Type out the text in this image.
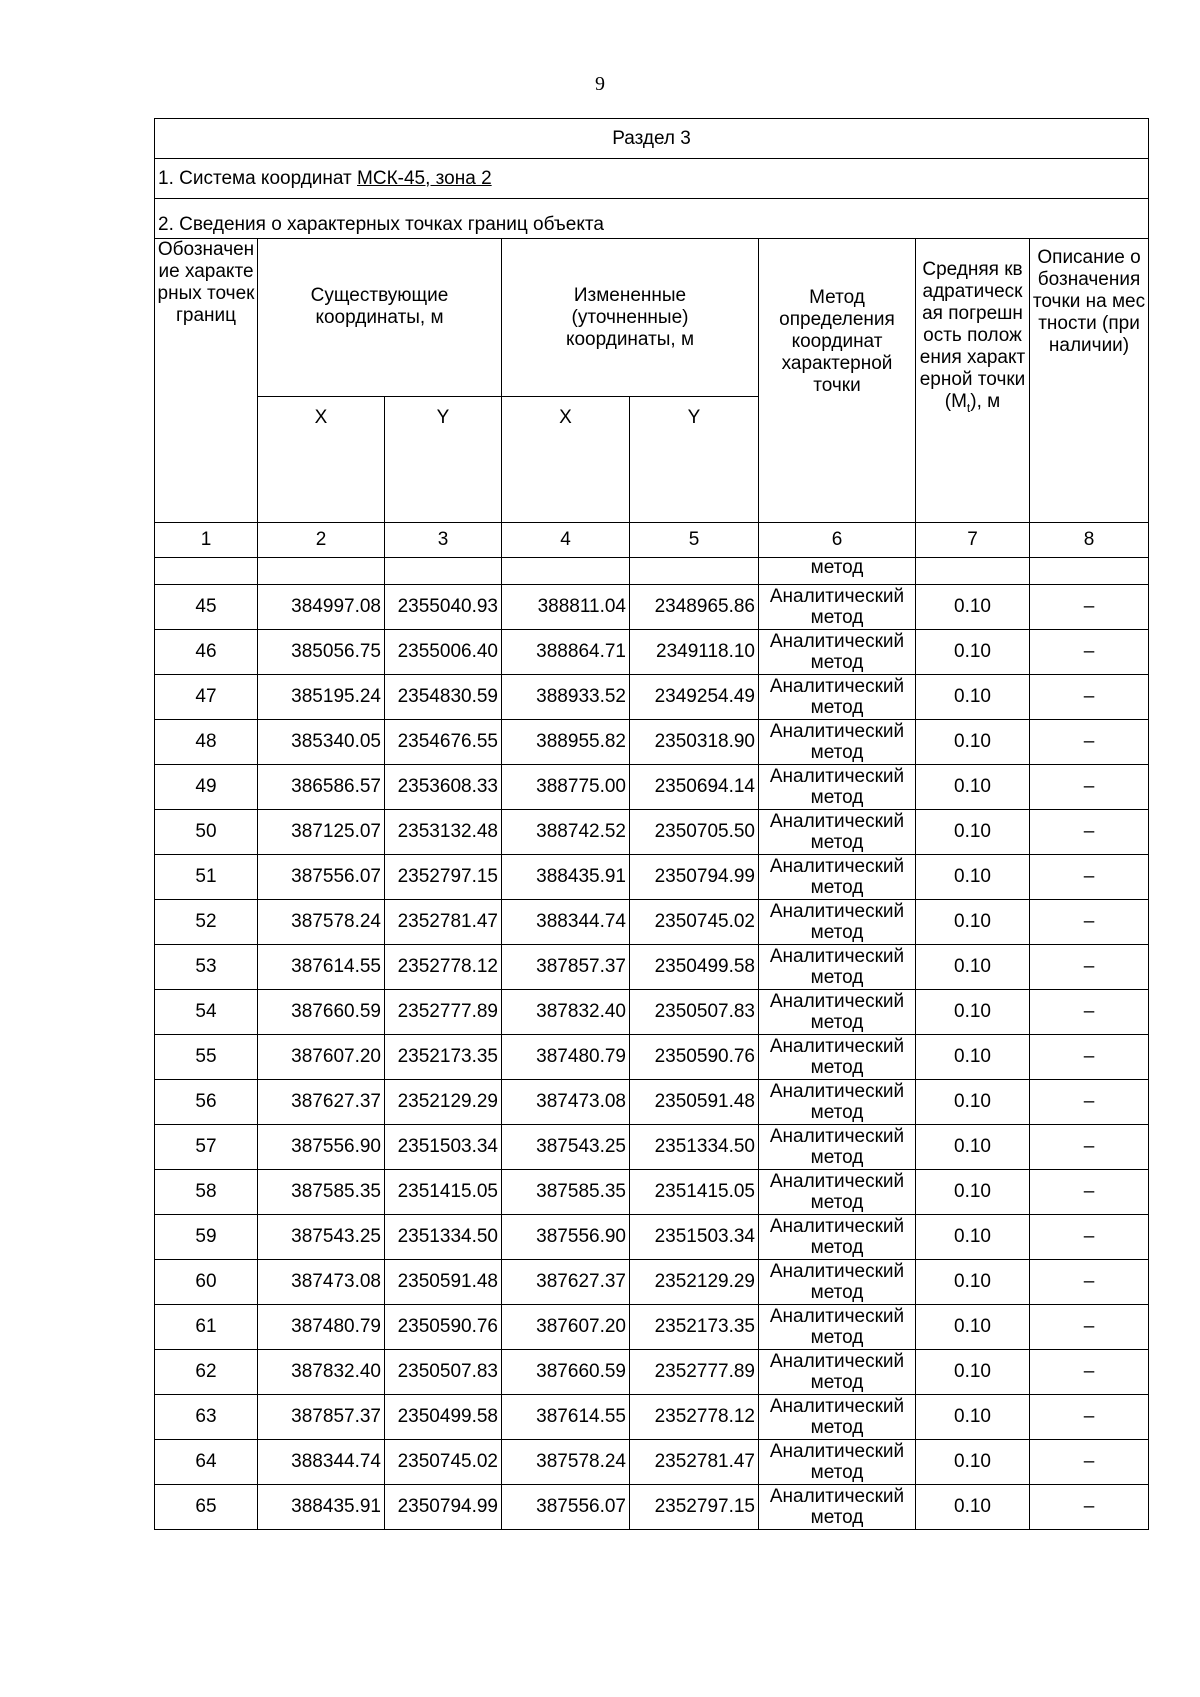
9
Раздел 3							
1. Система координат МСК-45, зона 2							
2. Сведения о характерных точках границ объекта							
Обозначение характерных точек границ	Существующие координаты, м		Измененные (уточненные) координаты, м		Метод определения координат характерной точки	Средняя квадратическая погрешность положения характерной точки $(M_t)$, м	Описание обозначения точки на местности (при наличии)
	X	Y	X	Y			
1	2	3	4	5	6	7	8
					метод		
45	384997.08	2355040.93	388811.04	2348965.86	Аналитический метод	0.10	–
46	385056.75	2355006.40	388864.71	2349118.10	Аналитический метод	0.10	–
47	385195.24	2354830.59	388933.52	2349254.49	Аналитический метод	0.10	–
48	385340.05	2354676.55	388955.82	2350318.90	Аналитический метод	0.10	–
49	386586.57	2353608.33	388775.00	2350694.14	Аналитический метод	0.10	–
50	387125.07	2353132.48	388742.52	2350705.50	Аналитический метод	0.10	–
51	387556.07	2352797.15	388435.91	2350794.99	Аналитический метод	0.10	–
52	387578.24	2352781.47	388344.74	2350745.02	Аналитический метод	0.10	–
53	387614.55	2352778.12	387857.37	2350499.58	Аналитический метод	0.10	–
54	387660.59	2352777.89	387832.40	2350507.83	Аналитический метод	0.10	–
55	387607.20	2352173.35	387480.79	2350590.76	Аналитический метод	0.10	–
56	387627.37	2352129.29	387473.08	2350591.48	Аналитический метод	0.10	–
57	387556.90	2351503.34	387543.25	2351334.50	Аналитический метод	0.10	–
58	387585.35	2351415.05	387585.35	2351415.05	Аналитический метод	0.10	–
59	387543.25	2351334.50	387556.90	2351503.34	Аналитический метод	0.10	–
60	387473.08	2350591.48	387627.37	2352129.29	Аналитический метод	0.10	–
61	387480.79	2350590.76	387607.20	2352173.35	Аналитический метод	0.10	–
62	387832.40	2350507.83	387660.59	2352777.89	Аналитический метод	0.10	–
63	387857.37	2350499.58	387614.55	2352778.12	Аналитический метод	0.10	–
64	388344.74	2350745.02	387578.24	2352781.47	Аналитический метод	0.10	–
65	388435.91	2350794.99	387556.07	2352797.15	Аналитический метод	0.10	–
